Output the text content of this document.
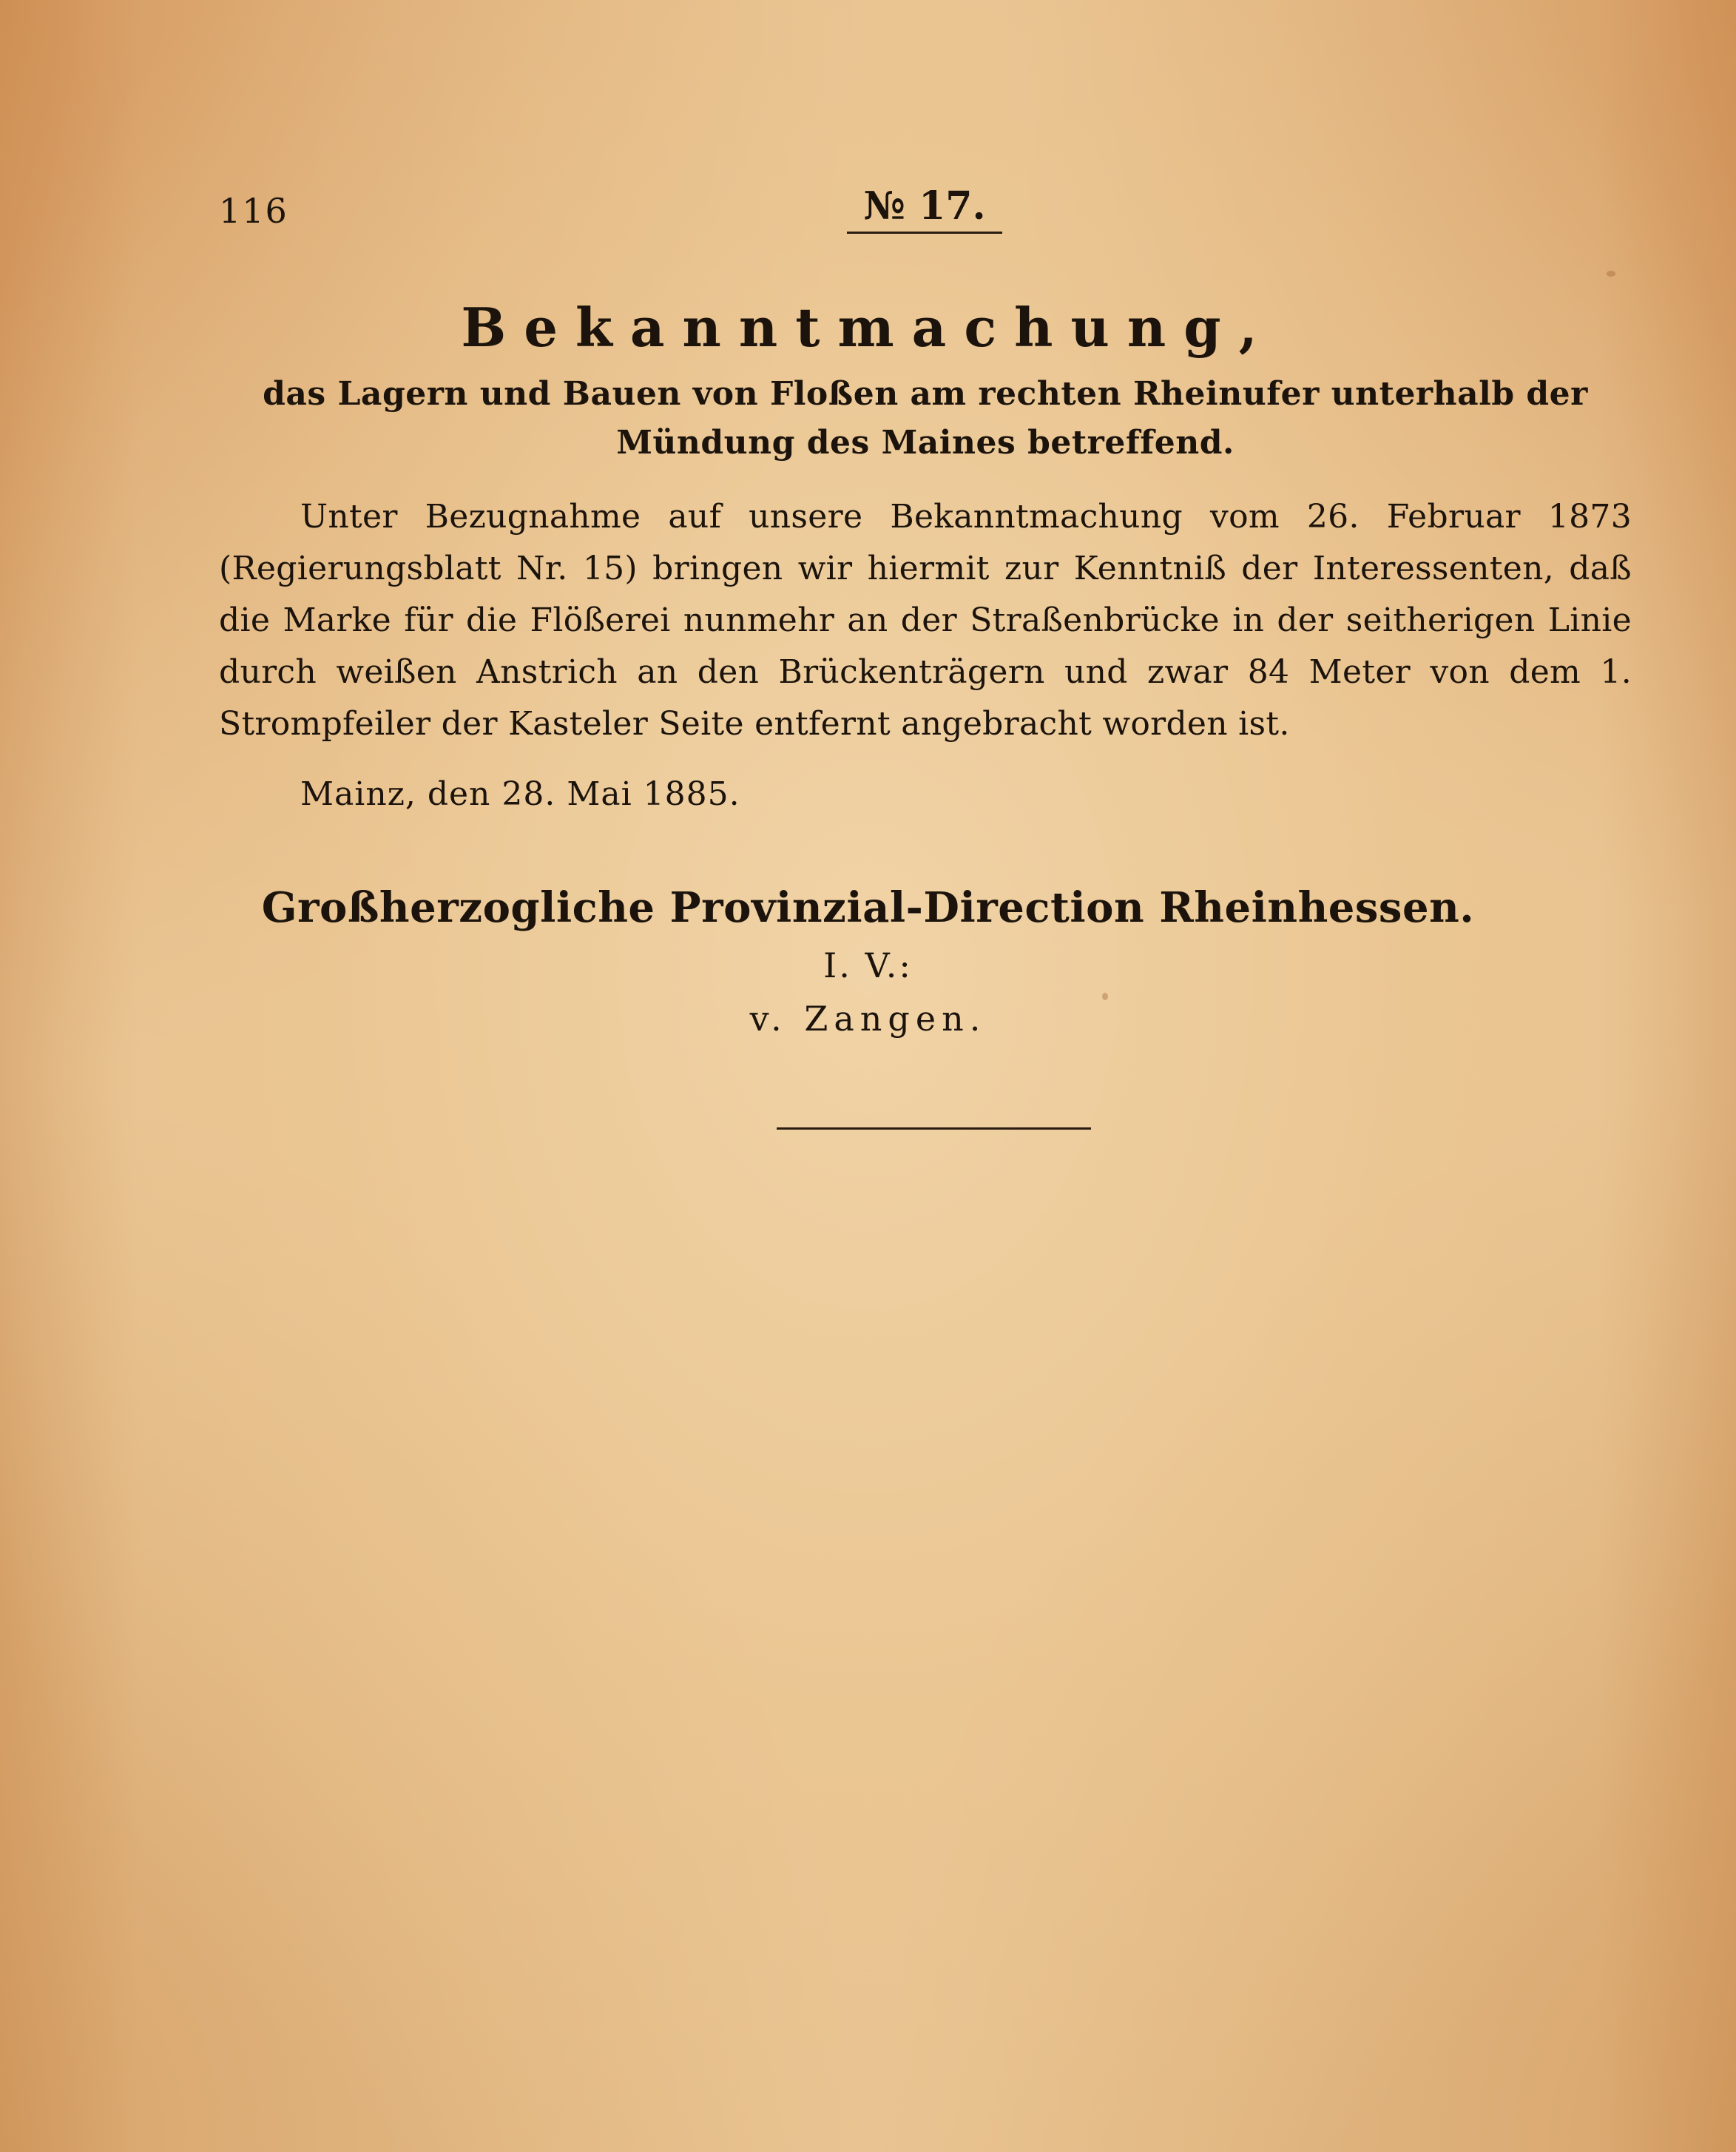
116	№ 17.
Bekanntmachung,
das Lagern und Bauen von Floßen am rechten Rheinufer unterhalb der Mündung des Maines betreffend.
Unter Bezugnahme auf unsere Bekanntmachung vom 26. Februar 1873 (Regierungsblatt Nr. 15) bringen wir hiermit zur Kenntniß der Interessenten, daß die Marke für die Flößerei nunmehr an der Straßenbrücke in der seitherigen Linie durch weißen Anstrich an den Brückenträgern und zwar 84 Meter von dem 1. Strompfeiler der Kasteler Seite entfernt angebracht worden ist.
Mainz, den 28. Mai 1885.
Großherzogliche Provinzial-Direction Rheinhessen.
I. V.:
v. Zangen.
